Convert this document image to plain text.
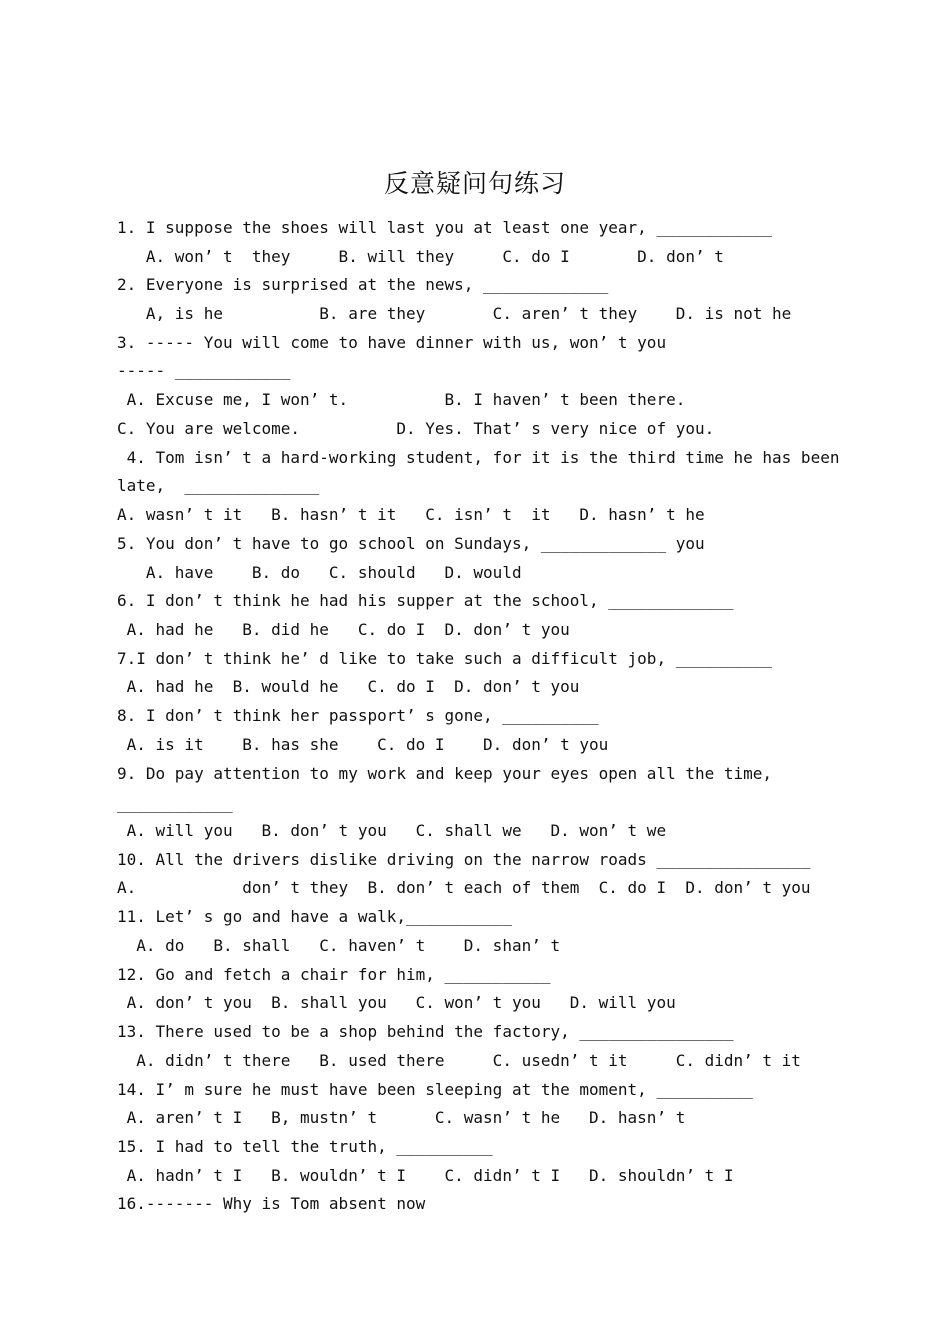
反意疑问句练习
1. I suppose the shoes will last you at least one year, ____________
A. won’ t  they     B. will they     C. do I       D. don’ t
2. Everyone is surprised at the news, _____________
A, is he          B. are they       C. aren’ t they    D. is not he
3. ----- You will come to have dinner with us, won’ t you
----- ____________
A. Excuse me, I won’ t.          B. I haven’ t been there.
C. You are welcome.          D. Yes. That’ s very nice of you.
4. Tom isn’ t a hard-working student, for it is the third time he has been
late,  ______________
A. wasn’ t it   B. hasn’ t it   C. isn’ t  it   D. hasn’ t he
5. You don’ t have to go school on Sundays, _____________ you
A. have    B. do   C. should   D. would
6. I don’ t think he had his supper at the school, _____________
A. had he   B. did he   C. do I  D. don’ t you
7.I don’ t think he’ d like to take such a difficult job, __________
A. had he  B. would he   C. do I  D. don’ t you
8. I don’ t think her passport’ s gone, __________
A. is it    B. has she    C. do I    D. don’ t you
9. Do pay attention to my work and keep your eyes open all the time,
____________
A. will you   B. don’ t you   C. shall we   D. won’ t we
10. All the drivers dislike driving on the narrow roads ________________
A.           don’ t they  B. don’ t each of them  C. do I  D. don’ t you
11. Let’ s go and have a walk,___________
A. do   B. shall   C. haven’ t    D. shan’ t
12. Go and fetch a chair for him, ___________
A. don’ t you  B. shall you   C. won’ t you   D. will you
13. There used to be a shop behind the factory, ________________
A. didn’ t there   B. used there     C. usedn’ t it     C. didn’ t it
14. I’ m sure he must have been sleeping at the moment, __________
A. aren’ t I   B, mustn’ t      C. wasn’ t he   D. hasn’ t
15. I had to tell the truth, __________
A. hadn’ t I   B. wouldn’ t I    C. didn’ t I   D. shouldn’ t I
16.------- Why is Tom absent now
